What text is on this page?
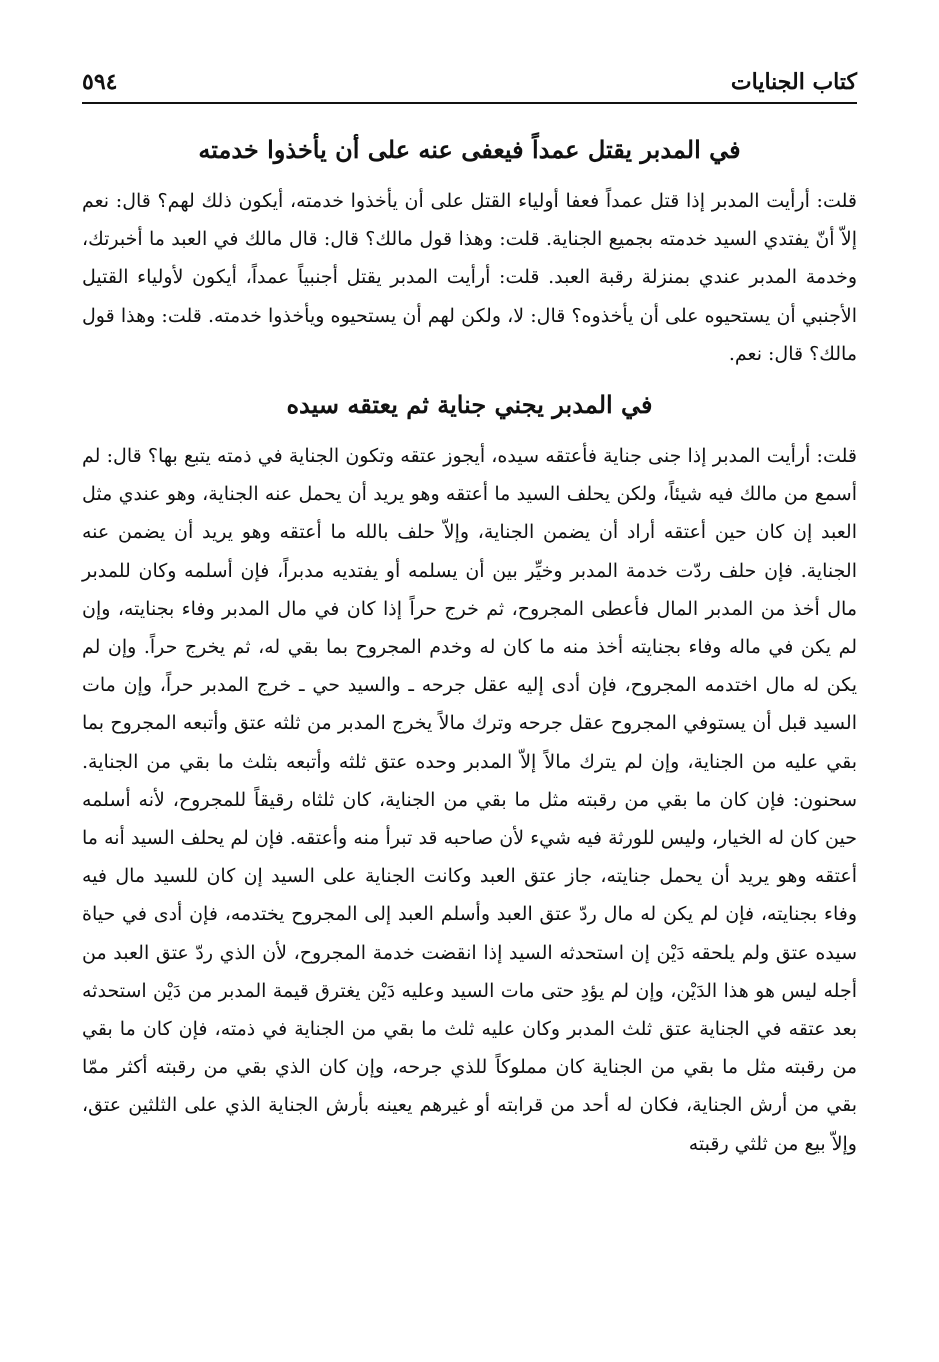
٥٩٤	كتاب الجنايات
في المدبر يقتل عمداً فيعفى عنه على أن يأخذوا خدمته

قلت: أرأيت المدبر إذا قتل عمداً فعفا أولياء القتل على أن يأخذوا خدمته، أيكون ذلك لهم؟ قال: نعم إلاّ أنّ يفتدي السيد خدمته بجميع الجناية. قلت: وهذا قول مالك؟ قال: قال مالك في العبد ما أخبرتك، وخدمة المدبر عندي بمنزلة رقبة العبد. قلت: أرأيت المدبر يقتل أجنبياً عمداً، أيكون لأولياء القتيل الأجنبي أن يستحيوه على أن يأخذوه؟ قال: لا، ولكن لهم أن يستحيوه ويأخذوا خدمته. قلت: وهذا قول مالك؟ قال: نعم.

في المدبر يجني جناية ثم يعتقه سيده

قلت: أرأيت المدبر إذا جنى جناية فأعتقه سيده، أيجوز عتقه وتكون الجناية في ذمته يتبع بها؟ قال: لم أسمع من مالك فيه شيئاً، ولكن يحلف السيد ما أعتقه وهو يريد أن يحمل عنه الجناية، وهو عندي مثل العبد إن كان حين أعتقه أراد أن يضمن الجناية، وإلاّ حلف بالله ما أعتقه وهو يريد أن يضمن عنه الجناية. فإن حلف ردّت خدمة المدبر وخيِّر بين أن يسلمه أو يفتديه مدبراً، فإن أسلمه وكان للمدبر مال أخذ من المدبر المال فأعطى المجروح، ثم خرج حراً إذا كان في مال المدبر وفاء بجنايته، وإن لم يكن في ماله وفاء بجنايته أخذ منه ما كان له وخدم المجروح بما بقي له، ثم يخرج حراً. وإن لم يكن له مال اختدمه المجروح، فإن أدى إليه عقل جرحه ـ والسيد حي ـ خرج المدبر حراً، وإن مات السيد قبل أن يستوفي المجروح عقل جرحه وترك مالاً يخرج المدبر من ثلثه عتق وأتبعه المجروح بما بقي عليه من الجناية، وإن لم يترك مالاً إلاّ المدبر وحده عتق ثلثه وأتبعه بثلث ما بقي من الجناية. سحنون: فإن كان ما بقي من رقبته مثل ما بقي من الجناية، كان ثلثاه رقيقاً للمجروح، لأنه أسلمه حين كان له الخيار، وليس للورثة فيه شيء لأن صاحبه قد تبرأ منه وأعتقه. فإن لم يحلف السيد أنه ما أعتقه وهو يريد أن يحمل جنايته، جاز عتق العبد وكانت الجناية على السيد إن كان للسيد مال فيه وفاء بجنايته، فإن لم يكن له مال ردّ عتق العبد وأسلم العبد إلى المجروح يختدمه، فإن أدى في حياة سيده عتق ولم يلحقه دَيْن إن استحدثه السيد إذا انقضت خدمة المجروح، لأن الذي ردّ عتق العبد من أجله ليس هو هذا الدَيْن، وإن لم يؤدِ حتى مات السيد وعليه دَيْن يغترق قيمة المدبر من دَيْن استحدثه بعد عتقه في الجناية عتق ثلث المدبر وكان عليه ثلث ما بقي من الجناية في ذمته، فإن كان ما بقي من رقبته مثل ما بقي من الجناية كان مملوكاً للذي جرحه، وإن كان الذي بقي من رقبته أكثر ممّا بقي من أرش الجناية، فكان له أحد من قرابته أو غيرهم يعينه بأرش الجناية الذي على الثلثين عتق، وإلاّ بيع من ثلثي رقبته
